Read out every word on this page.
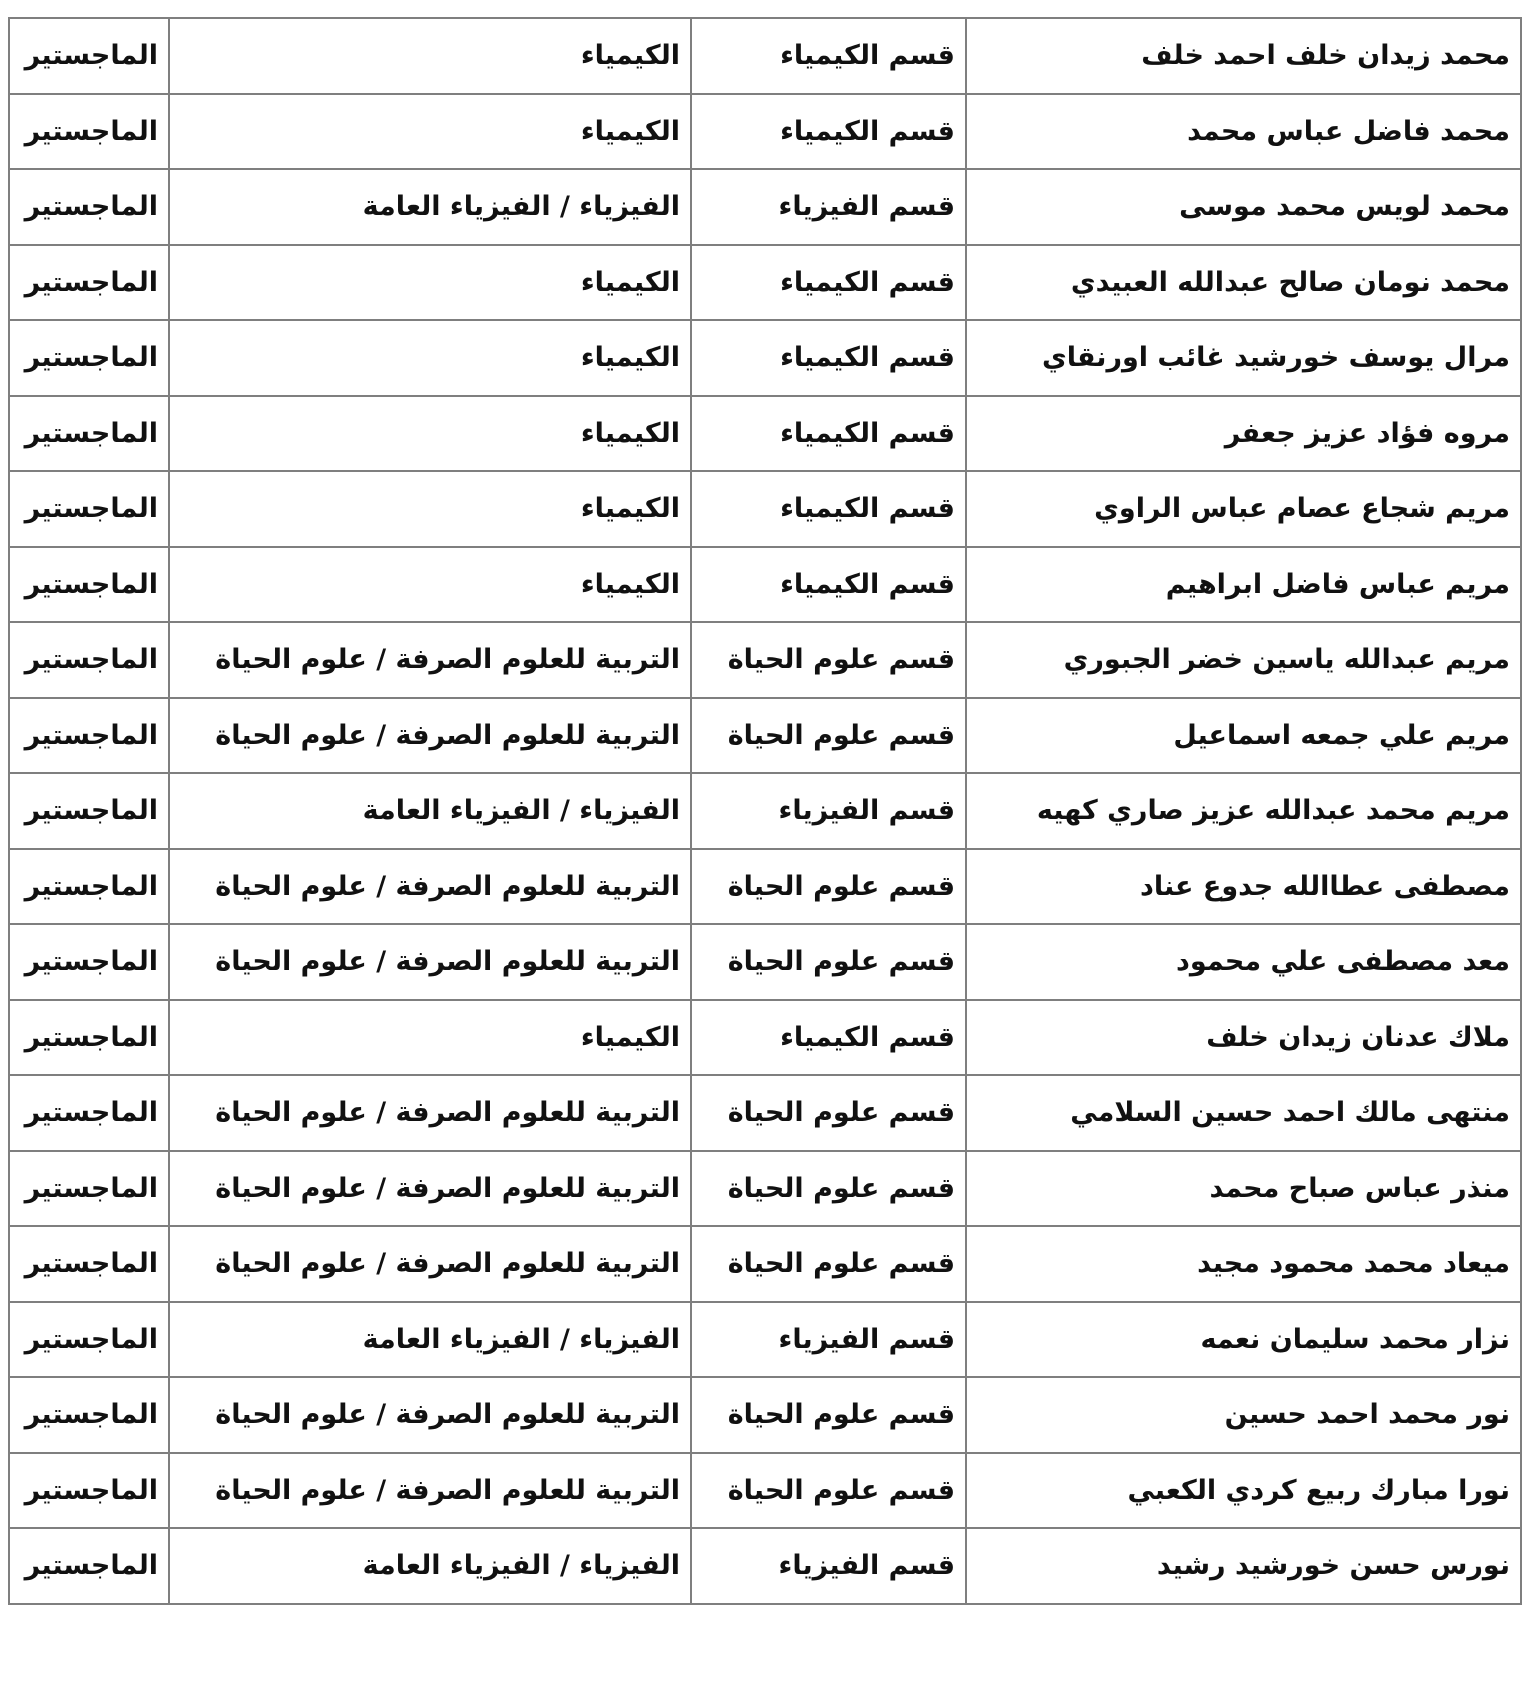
محمد زيدان خلف احمد خلف	قسم الكيمياء	الكيمياء	الماجستير
محمد فاضل عباس محمد	قسم الكيمياء	الكيمياء	الماجستير
محمد لويس محمد موسى	قسم الفيزياء	الفيزياء / الفيزياء العامة	الماجستير
محمد نومان صالح عبدالله العبيدي	قسم الكيمياء	الكيمياء	الماجستير
مرال يوسف خورشيد غائب اورنقاي	قسم الكيمياء	الكيمياء	الماجستير
مروه فؤاد عزيز جعفر	قسم الكيمياء	الكيمياء	الماجستير
مريم شجاع عصام عباس الراوي	قسم الكيمياء	الكيمياء	الماجستير
مريم عباس فاضل ابراهيم	قسم الكيمياء	الكيمياء	الماجستير
مريم عبدالله ياسين خضر الجبوري	قسم علوم الحياة	التربية للعلوم الصرفة / علوم الحياة	الماجستير
مريم علي جمعه اسماعيل	قسم علوم الحياة	التربية للعلوم الصرفة / علوم الحياة	الماجستير
مريم محمد عبدالله عزيز صاري كهيه	قسم الفيزياء	الفيزياء / الفيزياء العامة	الماجستير
مصطفى عطاالله جدوع عناد	قسم علوم الحياة	التربية للعلوم الصرفة / علوم الحياة	الماجستير
معد مصطفى علي محمود	قسم علوم الحياة	التربية للعلوم الصرفة / علوم الحياة	الماجستير
ملاك عدنان زيدان خلف	قسم الكيمياء	الكيمياء	الماجستير
منتهى مالك احمد حسين السلامي	قسم علوم الحياة	التربية للعلوم الصرفة / علوم الحياة	الماجستير
منذر عباس صباح محمد	قسم علوم الحياة	التربية للعلوم الصرفة / علوم الحياة	الماجستير
ميعاد محمد محمود مجيد	قسم علوم الحياة	التربية للعلوم الصرفة / علوم الحياة	الماجستير
نزار محمد سليمان نعمه	قسم الفيزياء	الفيزياء / الفيزياء العامة	الماجستير
نور محمد احمد حسين	قسم علوم الحياة	التربية للعلوم الصرفة / علوم الحياة	الماجستير
نورا مبارك ربيع كردي الكعبي	قسم علوم الحياة	التربية للعلوم الصرفة / علوم الحياة	الماجستير
نورس حسن خورشيد رشيد	قسم الفيزياء	الفيزياء / الفيزياء العامة	الماجستير
